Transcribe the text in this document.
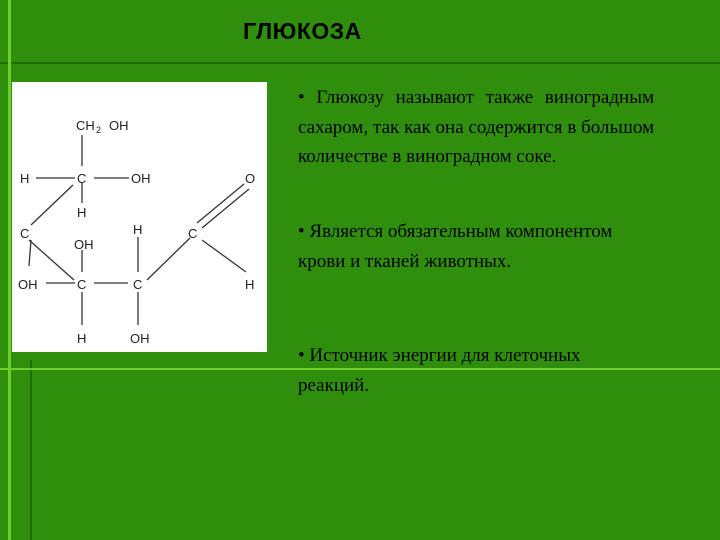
ГЛЮКОЗА
CH 2 OH
H	C	OH	O
H
C	H	C
OH
OH	C	C	H
H	OH
• Глюкозу называют также виноградным сахаром, так как она содержится в большом количестве в виноградном соке.
• Является обязательным компонентом крови и тканей животных.
• Источник энергии для клеточных реакций.
